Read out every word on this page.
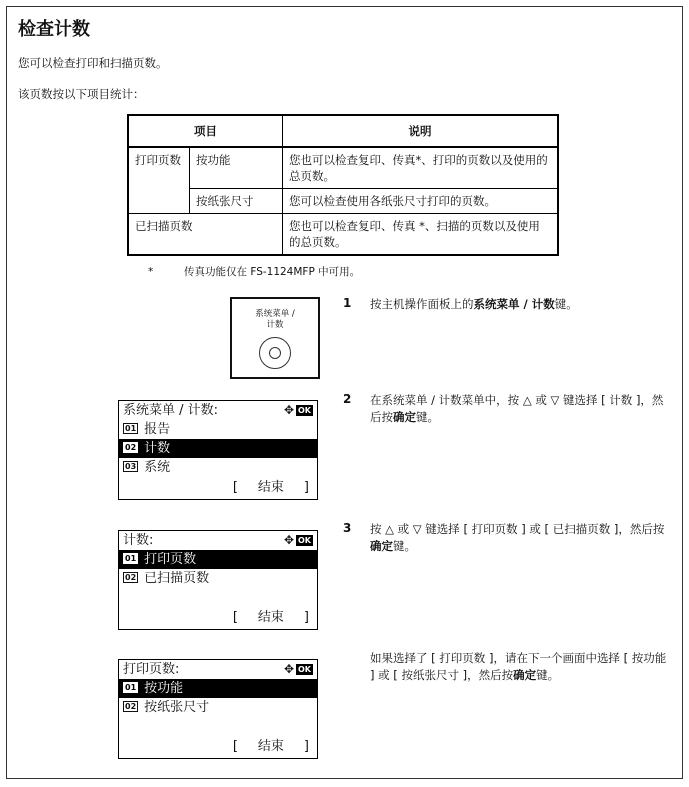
检查计数
您可以检查打印和扫描页数。
该页数按以下项目统计：
项目		说明
打印页数	按功能	您也可以检查复印、传真*、打印的页数以及使用的总页数。
	按纸张尺寸	您可以检查使用各纸张尺寸打印的页数。
已扫描页数		您也可以检查复印、传真 *、扫描的页数以及使用的总页数。
*	传真功能仅在 FS-1124MFP 中可用。
系统菜单 /
计数
1 按主机操作面板上的系统菜单 / 计数键。
2 在系统菜单 / 计数菜单中，按 △ 或 ▽ 键选择 [ 计数 ]，然后按确定键。
系统菜单 / 计数:	✥ OK
01 报告
02 计数
03 系统
[ 结束 ]
3 按 △ 或 ▽ 键选择 [ 打印页数 ] 或 [ 已扫描页数 ]，然后按确定键。
计数:	✥ OK
01 打印页数
02 已扫描页数
[ 结束 ]
如果选择了 [ 打印页数 ]，请在下一个画面中选择 [ 按功能 ] 或 [ 按纸张尺寸 ]，然后按确定键。
打印页数:	✥ OK
01 按功能
02 按纸张尺寸
[ 结束 ]
